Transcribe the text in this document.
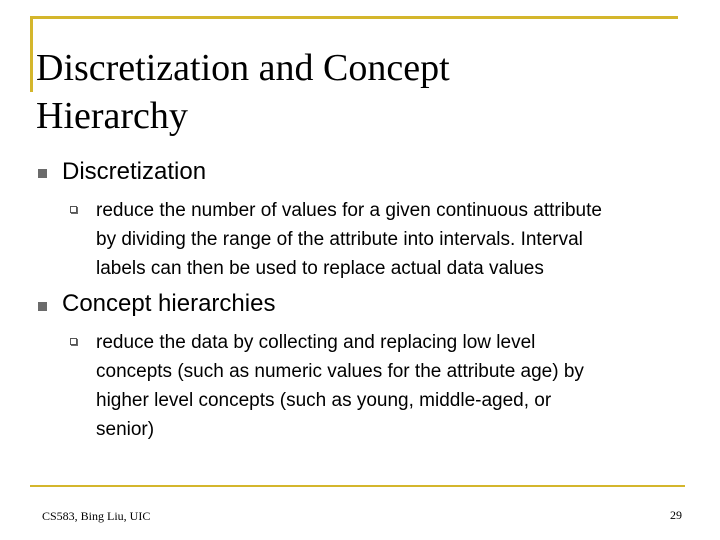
Discretization and Concept
Hierarchy
Discretization
reduce the number of values for a given continuous attribute
by dividing the range of the attribute into intervals. Interval
labels can then be used to replace actual data values
Concept hierarchies
reduce the data by collecting and replacing low level
concepts (such as numeric values for the attribute age) by
higher level concepts (such as young, middle-aged, or
senior)
CS583, Bing Liu, UIC	29
